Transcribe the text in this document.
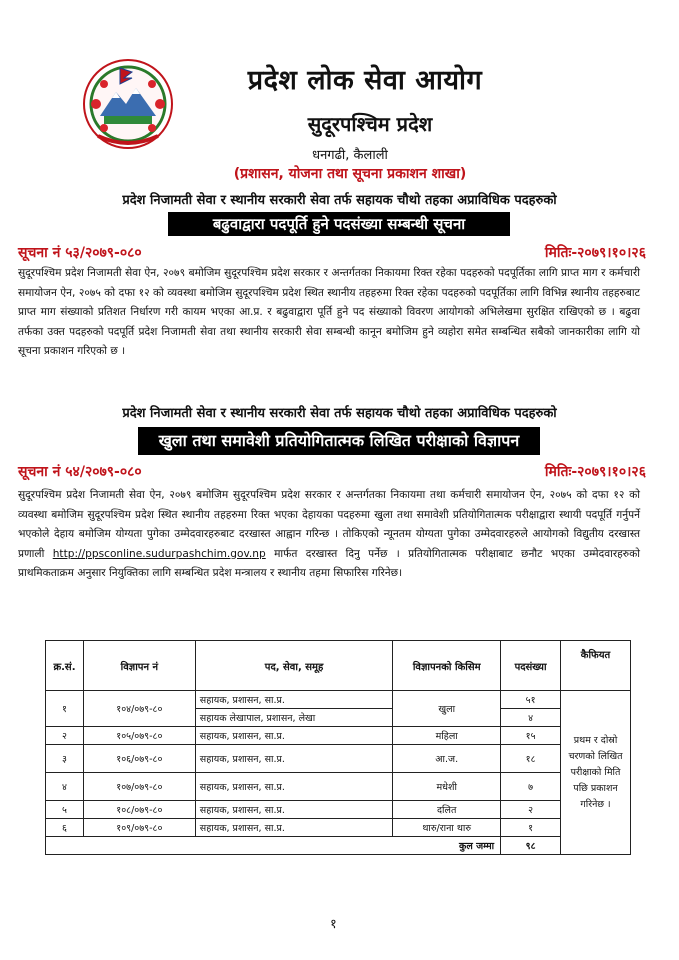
प्रदेश लोक सेवा आयोग
सुदूरपश्चिम प्रदेश
धनगढी, कैलाली
(प्रशासन, योजना तथा सूचना प्रकाशन शाखा)
प्रदेश निजामती सेवा र स्थानीय सरकारी सेवा तर्फ सहायक चौथो तहका अप्राविधिक पदहरुको
बढुवाद्वारा पदपूर्ति हुने पदसंख्या सम्बन्धी सूचना
सूचना नं ५३/२०७९-०८०	मितिः-२०७९।१०।२६
सुदूरपश्चिम प्रदेश निजामती सेवा ऐन, २०७९ बमोजिम सुदूरपश्चिम प्रदेश सरकार र अन्तर्गतका निकायमा रिक्त रहेका पदहरुको पदपूर्तिका लागि प्राप्त माग र कर्मचारी समायोजन ऐन, २०७५ को दफा १२ को व्यवस्था बमोजिम सुदूरपश्चिम प्रदेश स्थित स्थानीय तहहरुमा रिक्त रहेका पदहरुको पदपूर्तिका लागि विभिन्न स्थानीय तहहरुबाट प्राप्त माग संख्याको प्रतिशत निर्धारण गरी कायम भएका आ.प्र. र बढुवाद्वारा पूर्ति हुने पद संख्याको विवरण आयोगको अभिलेखमा सुरक्षित राखिएको छ । बढुवा तर्फका उक्त पदहरुको पदपूर्ति प्रदेश निजामती सेवा तथा स्थानीय सरकारी सेवा सम्बन्धी कानून बमोजिम हुने व्यहोरा समेत सम्बन्धित सबैको जानकारीका लागि यो सूचना प्रकाशन गरिएको छ ।
प्रदेश निजामती सेवा र स्थानीय सरकारी सेवा तर्फ सहायक चौथो तहका अप्राविधिक पदहरुको
खुला तथा समावेशी प्रतियोगितात्मक लिखित परीक्षाको विज्ञापन
सूचना नं ५४/२०७९-०८०	मितिः-२०७९।१०।२६
सुदूरपश्चिम प्रदेश निजामती सेवा ऐन, २०७९ बमोजिम सुदूरपश्चिम प्रदेश सरकार र अन्तर्गतका निकायमा तथा कर्मचारी समायोजन ऐन, २०७५ को दफा १२ को व्यवस्था बमोजिम सुदूरपश्चिम प्रदेश स्थित स्थानीय तहहरुमा रिक्त भएका देहायका पदहरुमा खुला तथा समावेशी प्रतियोगितात्मक परीक्षाद्वारा स्थायी पदपूर्ति गर्नुपर्ने भएकोले देहाय बमोजिम योग्यता पुगेका उम्मेदवारहरुबाट दरखास्त आह्वान गरिन्छ । तोकिएको न्यूनतम योग्यता पुगेका उम्मेदवारहरुले आयोगको विद्युतीय दरखास्त प्रणाली http://ppsconline.sudurpashchim.gov.np मार्फत दरखास्त दिनु पर्नेछ । प्रतियोगितात्मक परीक्षाबाट छनौट भएका उम्मेदवारहरुको प्राथमिकताक्रम अनुसार नियुक्तिका लागि सम्बन्धित प्रदेश मन्त्रालय र स्थानीय तहमा सिफारिस गरिनेछ।
क्र.सं.	विज्ञापन नं	पद, सेवा, समूह	विज्ञापनको किसिम	पदसंख्या	कैफियत
१	१०४/०७९-८०	सहायक, प्रशासन, सा.प्र.	खुला	५१	प्रथम र दोस्रो चरणको लिखित परीक्षाको मिति पछि प्रकाशन गरिनेछ ।
		सहायक लेखापाल, प्रशासन, लेखा		४	
२	१०५/०७९-८०	सहायक, प्रशासन, सा.प्र.	महिला	१५	
३	१०६/०७९-८०	सहायक, प्रशासन, सा.प्र.	आ.ज.	१८	
४	१०७/०७९-८०	सहायक, प्रशासन, सा.प्र.	मधेशी	७	
५	१०८/०७९-८०	सहायक, प्रशासन, सा.प्र.	दलित	२	
६	१०९/०७९-८०	सहायक, प्रशासन, सा.प्र.	थारु/राना थारु	१	
कुल जम्मा				९८	
१
